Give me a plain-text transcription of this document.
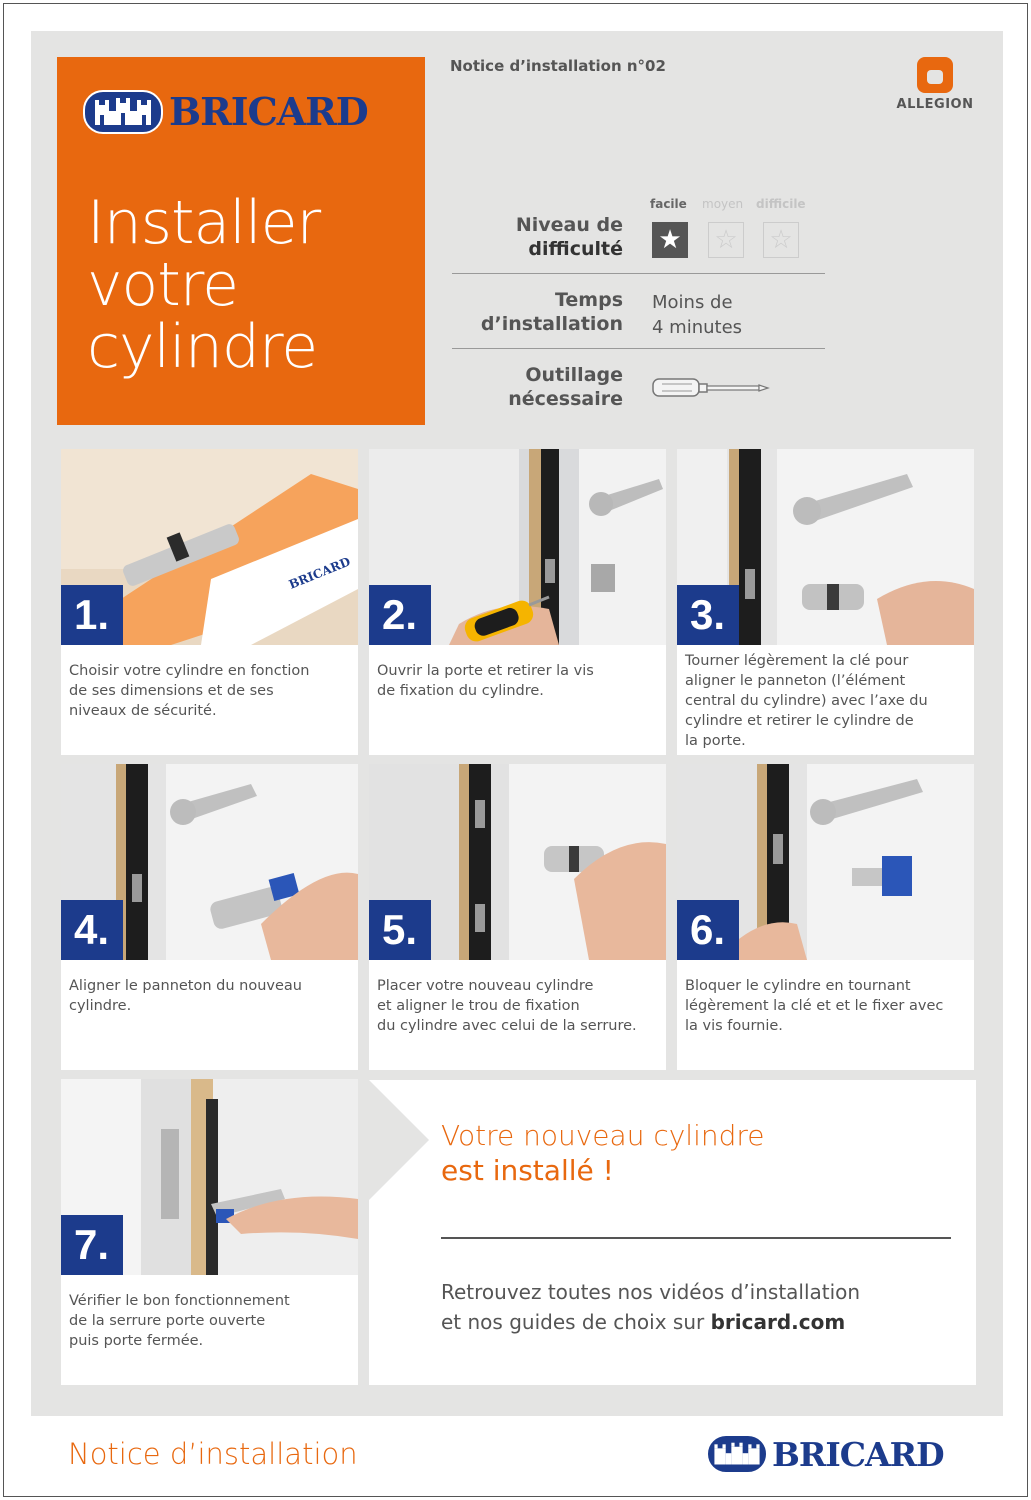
BRICARD
Installer
votre
cylindre
Notice d’installation n°02
ALLEGION
Niveau de
difficulté
facile moyen difficile
★ ☆ ☆
Temps
d’installation
Moins de
4 minutes
Outillage
nécessaire
BRICARD
1.
Choisir votre cylindre en fonction
de ses dimensions et de ses
niveaux de sécurité.
2.
Ouvrir la porte et retirer la vis
de fixation du cylindre.
3.
Tourner légèrement la clé pour
aligner le panneton (l’élément
central du cylindre) avec l’axe du
cylindre et retirer le cylindre de
la porte.
4.
Aligner le panneton du nouveau
cylindre.
5.
Placer votre nouveau cylindre
et aligner le trou de fixation
du cylindre avec celui de la serrure.
6.
Bloquer le cylindre en tournant
légèrement la clé et et le fixer avec
la vis fournie.
7.
Vérifier le bon fonctionnement
de la serrure porte ouverte
puis porte fermée.
Votre nouveau cylindre
est installé !
Retrouvez toutes nos vidéos d’installation
et nos guides de choix sur bricard.com
Notice d’installation	BRICARD
